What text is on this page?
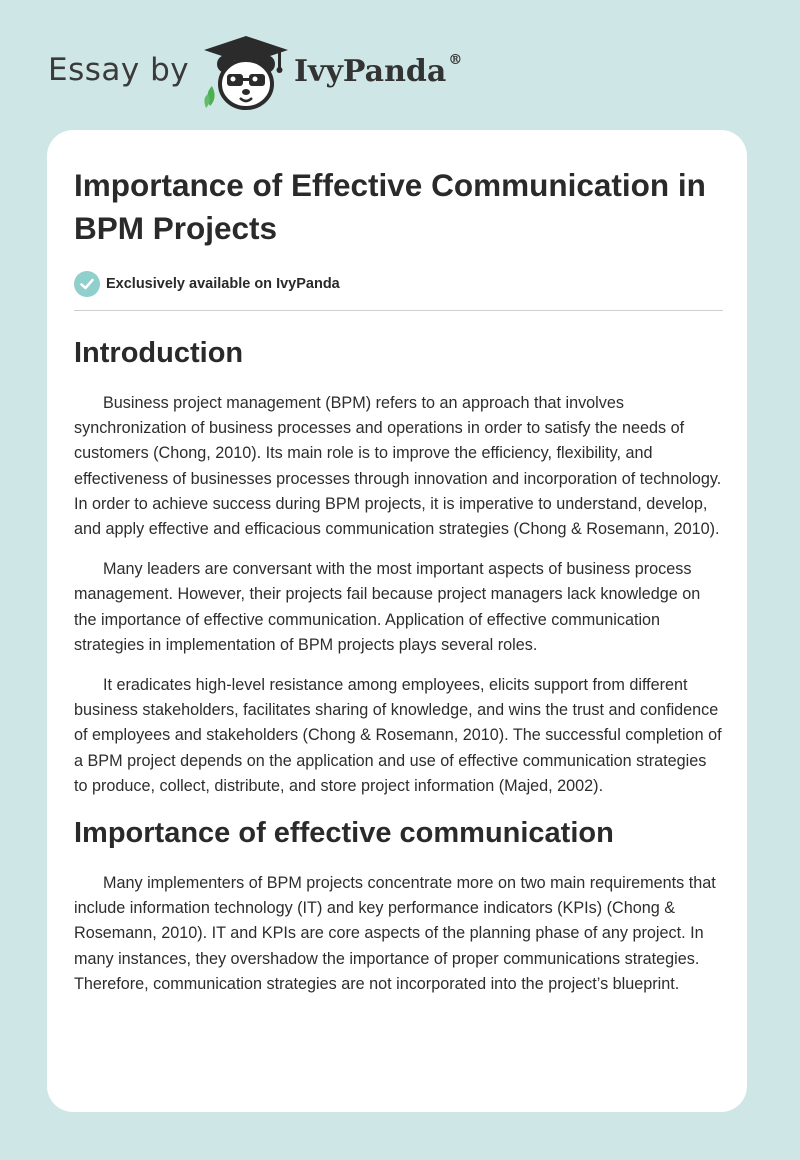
Essay by	IvyPanda ®
Importance of Effective Communication in BPM Projects
Exclusively available on IvyPanda
Introduction

Business project management (BPM) refers to an approach that involves synchronization of business processes and operations in order to satisfy the needs of customers (Chong, 2010). Its main role is to improve the efficiency, flexibility, and effectiveness of businesses processes through innovation and incorporation of technology. In order to achieve success during BPM projects, it is imperative to understand, develop, and apply effective and efficacious communication strategies (Chong & Rosemann, 2010).

Many leaders are conversant with the most important aspects of business process management. However, their projects fail because project managers lack knowledge on the importance of effective communication. Application of effective communication strategies in implementation of BPM projects plays several roles.

It eradicates high-level resistance among employees, elicits support from different business stakeholders, facilitates sharing of knowledge, and wins the trust and confidence of employees and stakeholders (Chong & Rosemann, 2010). The successful completion of a BPM project depends on the application and use of effective communication strategies to produce, collect, distribute, and store project information (Majed, 2002).

Importance of effective communication

Many implementers of BPM projects concentrate more on two main requirements that include information technology (IT) and key performance indicators (KPIs) (Chong & Rosemann, 2010). IT and KPIs are core aspects of the planning phase of any project. In many instances, they overshadow the importance of proper communications strategies. Therefore, communication strategies are not incorporated into the project’s blueprint.
